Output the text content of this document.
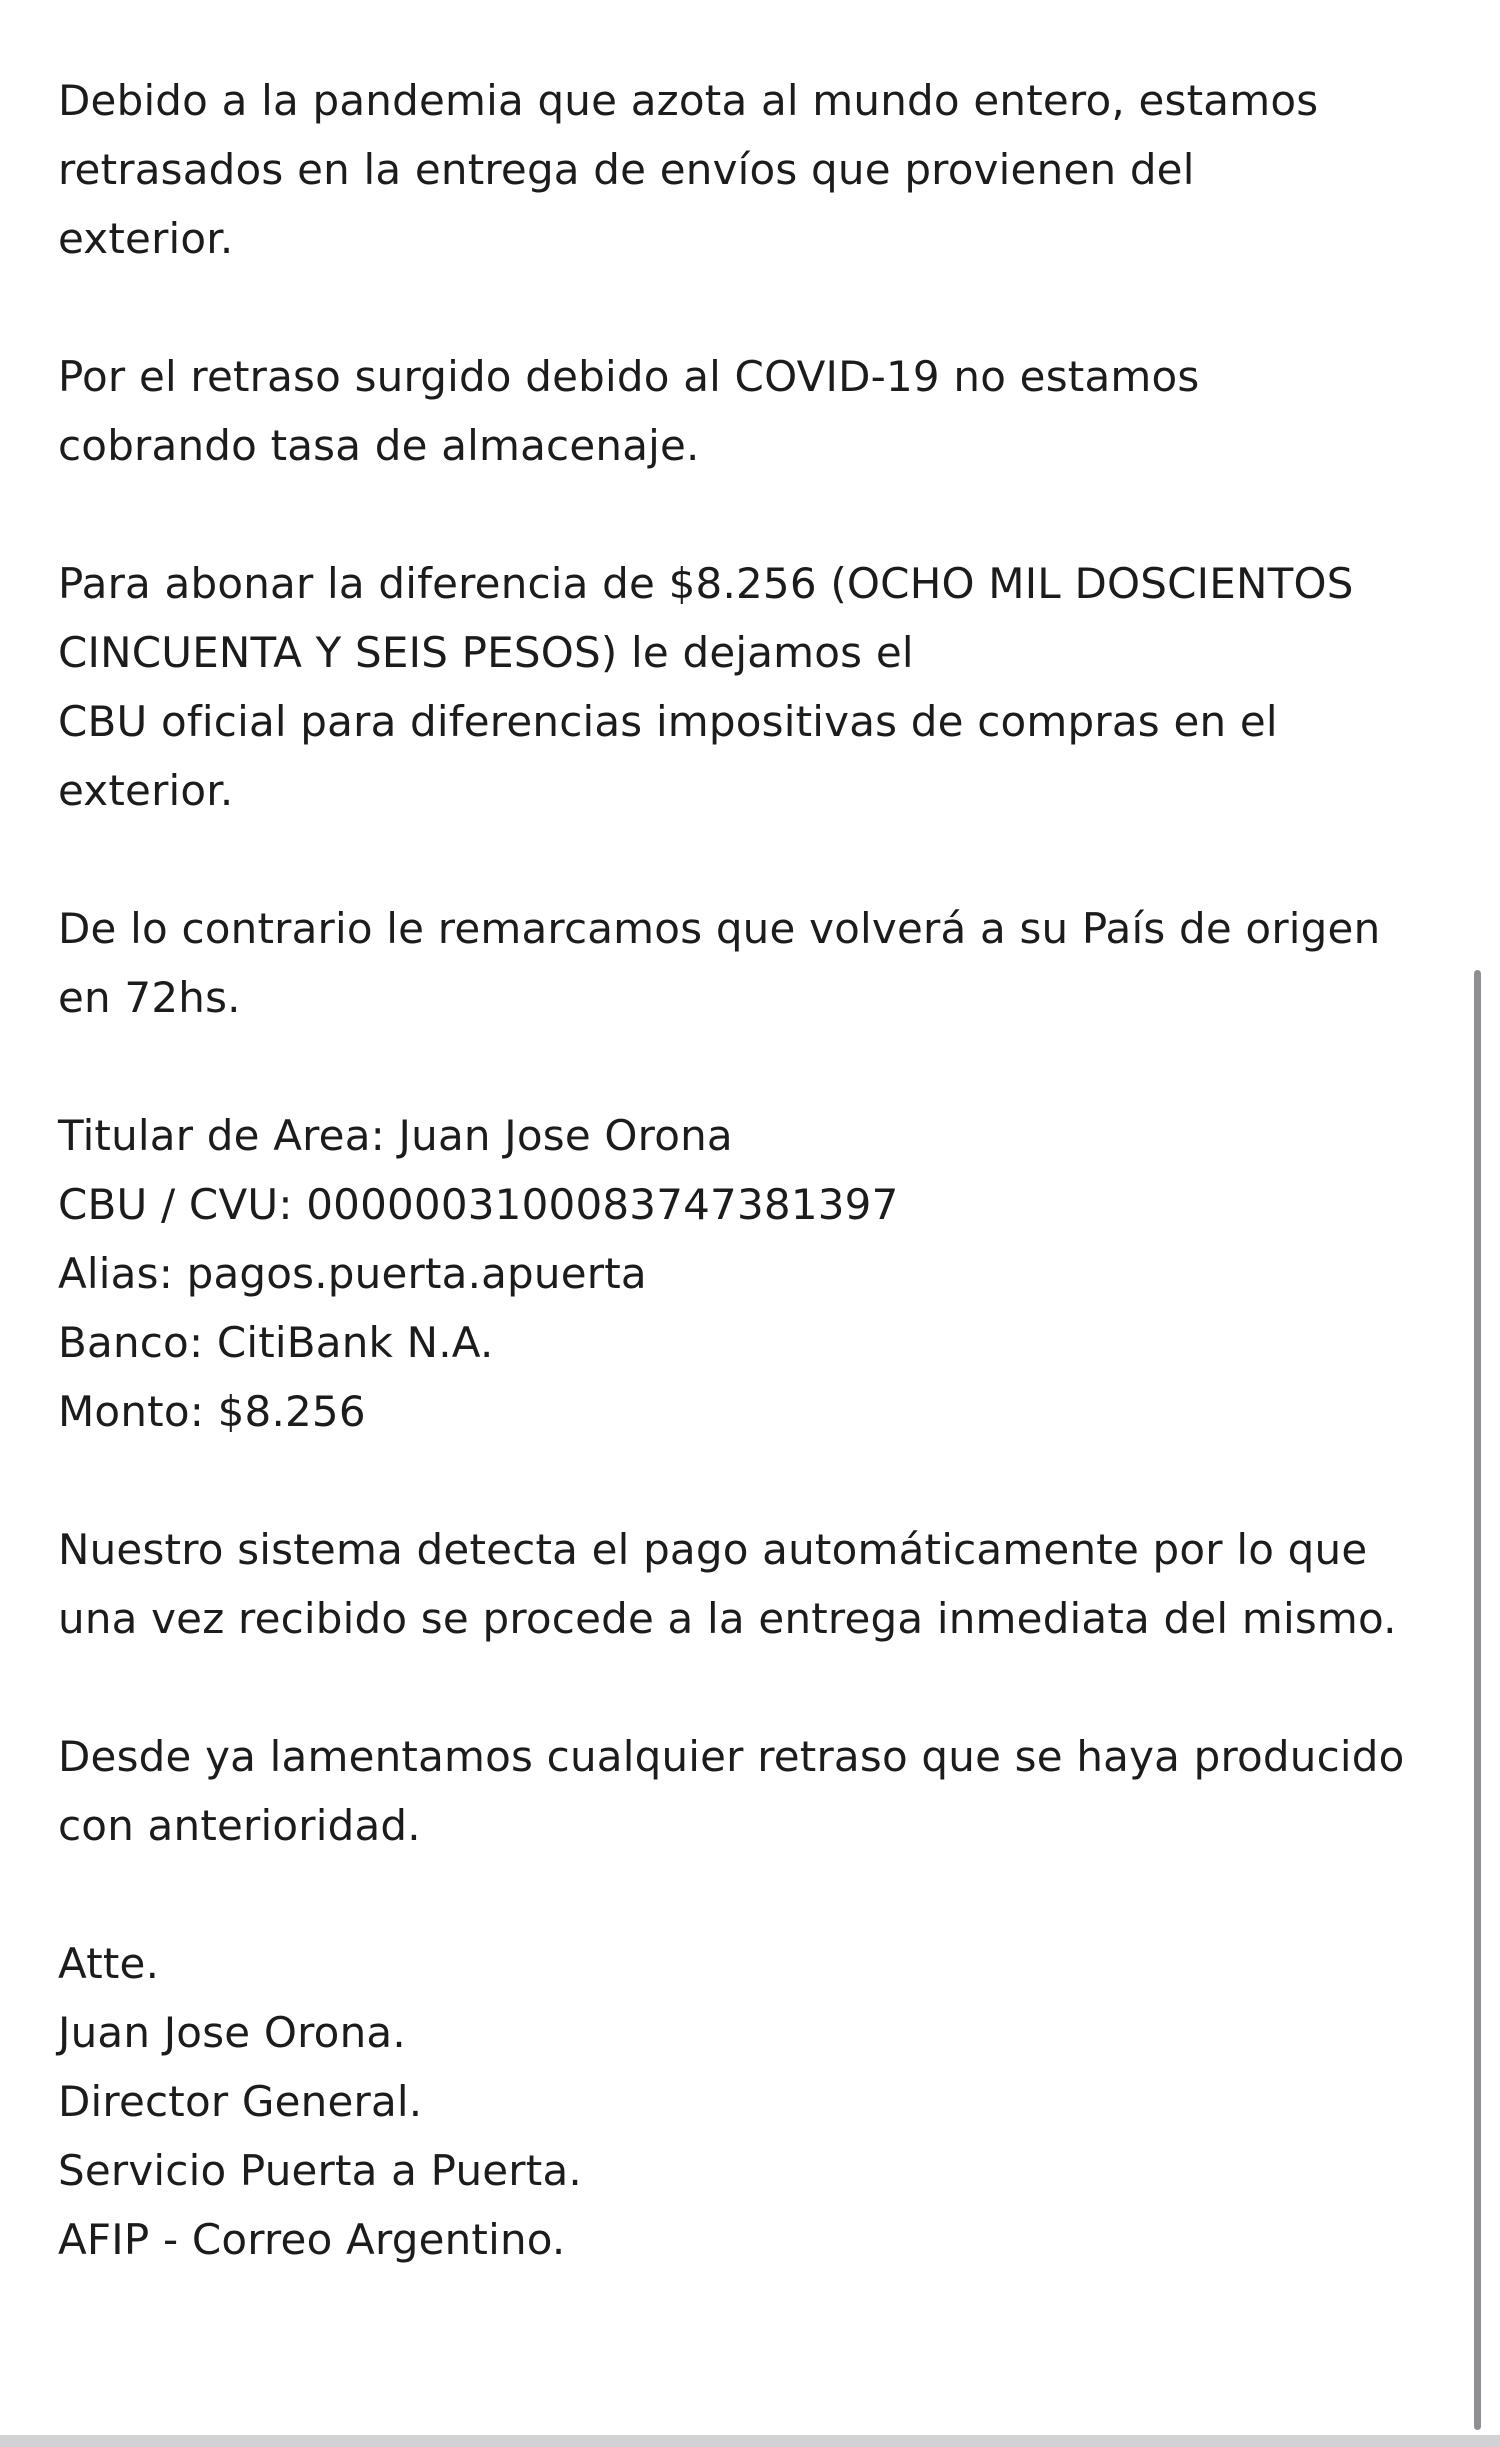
Debido a la pandemia que azota al mundo entero, estamos
retrasados en la entrega de envíos que provienen del
exterior.
Por el retraso surgido debido al COVID-19 no estamos
cobrando tasa de almacenaje.
Para abonar la diferencia de $8.256 (OCHO MIL DOSCIENTOS
CINCUENTA Y SEIS PESOS) le dejamos el
CBU oficial para diferencias impositivas de compras en el
exterior.
De lo contrario le remarcamos que volverá a su País de origen
en 72hs.
Titular de Area: Juan Jose Orona
CBU / CVU: 0000003100083747381397
Alias: pagos.puerta.apuerta
Banco: CitiBank N.A.
Monto: $8.256
Nuestro sistema detecta el pago automáticamente por lo que
una vez recibido se procede a la entrega inmediata del mismo.
Desde ya lamentamos cualquier retraso que se haya producido
con anterioridad.
Atte.
Juan Jose Orona.
Director General.
Servicio Puerta a Puerta.
AFIP - Correo Argentino.
